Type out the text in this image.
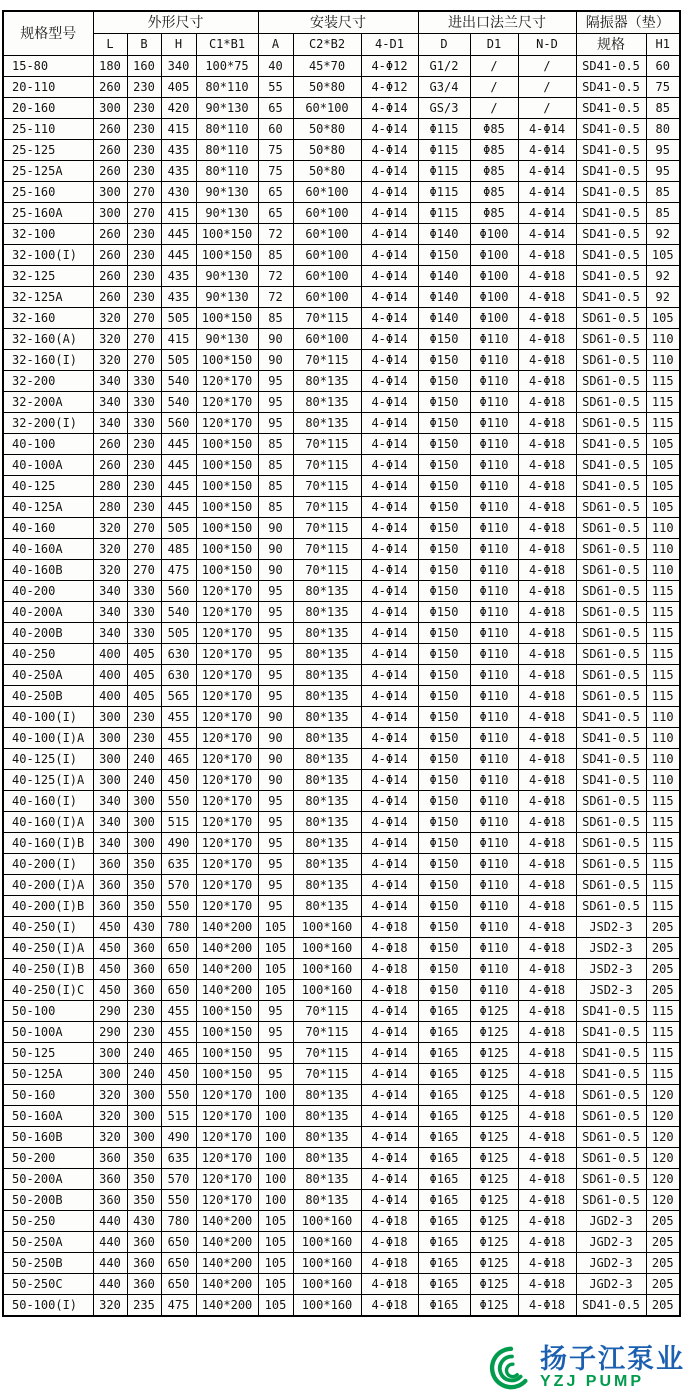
规格型号	外形尺寸				安装尺寸			进出口法兰尺寸			隔振器（垫）	
	L	B	H	C1*B1	A	C2*B2	4-D1	D	D1	N-D	规格	H1
15-80	180	160	340	100*75	40	45*70	4-Φ12	G1/2	/	/	SD41-0.5	60
20-110	260	230	405	80*110	55	50*80	4-Φ12	G3/4	/	/	SD41-0.5	75
20-160	300	230	420	90*130	65	60*100	4-Φ14	GS/3	/	/	SD41-0.5	85
25-110	260	230	415	80*110	60	50*80	4-Φ14	Φ115	Φ85	4-Φ14	SD41-0.5	80
25-125	260	230	435	80*110	75	50*80	4-Φ14	Φ115	Φ85	4-Φ14	SD41-0.5	95
25-125A	260	230	435	80*110	75	50*80	4-Φ14	Φ115	Φ85	4-Φ14	SD41-0.5	95
25-160	300	270	430	90*130	65	60*100	4-Φ14	Φ115	Φ85	4-Φ14	SD41-0.5	85
25-160A	300	270	415	90*130	65	60*100	4-Φ14	Φ115	Φ85	4-Φ14	SD41-0.5	85
32-100	260	230	445	100*150	72	60*100	4-Φ14	Φ140	Φ100	4-Φ14	SD41-0.5	92
32-100(I)	260	230	445	100*150	85	60*100	4-Φ14	Φ150	Φ100	4-Φ18	SD41-0.5	105
32-125	260	230	435	90*130	72	60*100	4-Φ14	Φ140	Φ100	4-Φ18	SD41-0.5	92
32-125A	260	230	435	90*130	72	60*100	4-Φ14	Φ140	Φ100	4-Φ18	SD41-0.5	92
32-160	320	270	505	100*150	85	70*115	4-Φ14	Φ140	Φ100	4-Φ18	SD61-0.5	105
32-160(A)	320	270	415	90*130	90	60*100	4-Φ14	Φ150	Φ110	4-Φ18	SD61-0.5	110
32-160(I)	320	270	505	100*150	90	70*115	4-Φ14	Φ150	Φ110	4-Φ18	SD61-0.5	110
32-200	340	330	540	120*170	95	80*135	4-Φ14	Φ150	Φ110	4-Φ18	SD61-0.5	115
32-200A	340	330	540	120*170	95	80*135	4-Φ14	Φ150	Φ110	4-Φ18	SD61-0.5	115
32-200(I)	340	330	560	120*170	95	80*135	4-Φ14	Φ150	Φ110	4-Φ18	SD61-0.5	115
40-100	260	230	445	100*150	85	70*115	4-Φ14	Φ150	Φ110	4-Φ18	SD41-0.5	105
40-100A	260	230	445	100*150	85	70*115	4-Φ14	Φ150	Φ110	4-Φ18	SD41-0.5	105
40-125	280	230	445	100*150	85	70*115	4-Φ14	Φ150	Φ110	4-Φ18	SD41-0.5	105
40-125A	280	230	445	100*150	85	70*115	4-Φ14	Φ150	Φ110	4-Φ18	SD61-0.5	105
40-160	320	270	505	100*150	90	70*115	4-Φ14	Φ150	Φ110	4-Φ18	SD61-0.5	110
40-160A	320	270	485	100*150	90	70*115	4-Φ14	Φ150	Φ110	4-Φ18	SD61-0.5	110
40-160B	320	270	475	100*150	90	70*115	4-Φ14	Φ150	Φ110	4-Φ18	SD61-0.5	110
40-200	340	330	560	120*170	95	80*135	4-Φ14	Φ150	Φ110	4-Φ18	SD61-0.5	115
40-200A	340	330	540	120*170	95	80*135	4-Φ14	Φ150	Φ110	4-Φ18	SD61-0.5	115
40-200B	340	330	505	120*170	95	80*135	4-Φ14	Φ150	Φ110	4-Φ18	SD61-0.5	115
40-250	400	405	630	120*170	95	80*135	4-Φ14	Φ150	Φ110	4-Φ18	SD61-0.5	115
40-250A	400	405	630	120*170	95	80*135	4-Φ14	Φ150	Φ110	4-Φ18	SD61-0.5	115
40-250B	400	405	565	120*170	95	80*135	4-Φ14	Φ150	Φ110	4-Φ18	SD61-0.5	115
40-100(I)	300	230	455	120*170	90	80*135	4-Φ14	Φ150	Φ110	4-Φ18	SD41-0.5	110
40-100(I)A	300	230	455	120*170	90	80*135	4-Φ14	Φ150	Φ110	4-Φ18	SD41-0.5	110
40-125(I)	300	240	465	120*170	90	80*135	4-Φ14	Φ150	Φ110	4-Φ18	SD41-0.5	110
40-125(I)A	300	240	450	120*170	90	80*135	4-Φ14	Φ150	Φ110	4-Φ18	SD41-0.5	110
40-160(I)	340	300	550	120*170	95	80*135	4-Φ14	Φ150	Φ110	4-Φ18	SD61-0.5	115
40-160(I)A	340	300	515	120*170	95	80*135	4-Φ14	Φ150	Φ110	4-Φ18	SD61-0.5	115
40-160(I)B	340	300	490	120*170	95	80*135	4-Φ14	Φ150	Φ110	4-Φ18	SD61-0.5	115
40-200(I)	360	350	635	120*170	95	80*135	4-Φ14	Φ150	Φ110	4-Φ18	SD61-0.5	115
40-200(I)A	360	350	570	120*170	95	80*135	4-Φ14	Φ150	Φ110	4-Φ18	SD61-0.5	115
40-200(I)B	360	350	550	120*170	95	80*135	4-Φ14	Φ150	Φ110	4-Φ18	SD61-0.5	115
40-250(I)	450	430	780	140*200	105	100*160	4-Φ18	Φ150	Φ110	4-Φ18	JSD2-3	205
40-250(I)A	450	360	650	140*200	105	100*160	4-Φ18	Φ150	Φ110	4-Φ18	JSD2-3	205
40-250(I)B	450	360	650	140*200	105	100*160	4-Φ18	Φ150	Φ110	4-Φ18	JSD2-3	205
40-250(I)C	450	360	650	140*200	105	100*160	4-Φ18	Φ150	Φ110	4-Φ18	JSD2-3	205
50-100	290	230	455	100*150	95	70*115	4-Φ14	Φ165	Φ125	4-Φ18	SD41-0.5	115
50-100A	290	230	455	100*150	95	70*115	4-Φ14	Φ165	Φ125	4-Φ18	SD41-0.5	115
50-125	300	240	465	100*150	95	70*115	4-Φ14	Φ165	Φ125	4-Φ18	SD41-0.5	115
50-125A	300	240	450	100*150	95	70*115	4-Φ14	Φ165	Φ125	4-Φ18	SD41-0.5	115
50-160	320	300	550	120*170	100	80*135	4-Φ14	Φ165	Φ125	4-Φ18	SD61-0.5	120
50-160A	320	300	515	120*170	100	80*135	4-Φ14	Φ165	Φ125	4-Φ18	SD61-0.5	120
50-160B	320	300	490	120*170	100	80*135	4-Φ14	Φ165	Φ125	4-Φ18	SD61-0.5	120
50-200	360	350	635	120*170	100	80*135	4-Φ14	Φ165	Φ125	4-Φ18	SD61-0.5	120
50-200A	360	350	570	120*170	100	80*135	4-Φ14	Φ165	Φ125	4-Φ18	SD61-0.5	120
50-200B	360	350	550	120*170	100	80*135	4-Φ14	Φ165	Φ125	4-Φ18	SD61-0.5	120
50-250	440	430	780	140*200	105	100*160	4-Φ18	Φ165	Φ125	4-Φ18	JGD2-3	205
50-250A	440	360	650	140*200	105	100*160	4-Φ18	Φ165	Φ125	4-Φ18	JGD2-3	205
50-250B	440	360	650	140*200	105	100*160	4-Φ18	Φ165	Φ125	4-Φ18	JGD2-3	205
50-250C	440	360	650	140*200	105	100*160	4-Φ18	Φ165	Φ125	4-Φ18	JGD2-3	205
50-100(I)	320	235	475	140*200	105	100*160	4-Φ18	Φ165	Φ125	4-Φ18	SD41-0.5	205
扬子江泵业
YZJ PUMP
